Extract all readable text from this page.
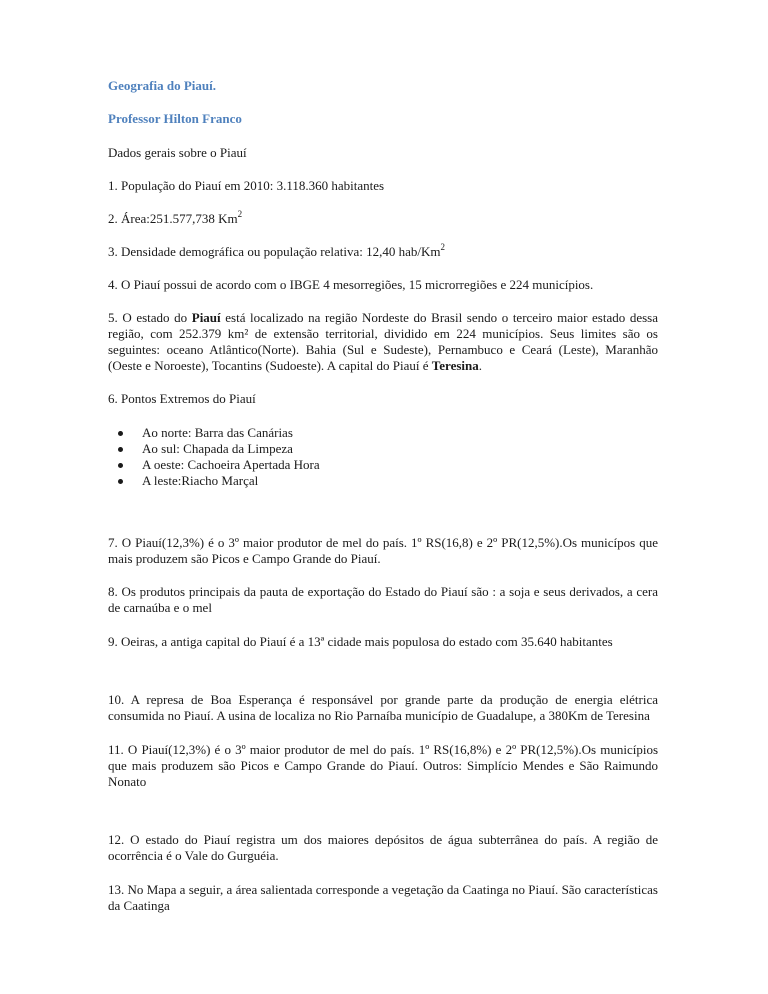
Geografia do Piauí.

Professor Hilton Franco

Dados gerais sobre o Piauí

1. População do Piauí em 2010: 3.118.360 habitantes

2. Área:251.577,738 Km$^2$

3. Densidade demográfica ou população relativa: 12,40 hab/Km$^2$

4. O Piauí possui de acordo com o IBGE 4 mesorregiões, 15 microrregiões e 224 municípios.

5. O estado do Piauí está localizado na região Nordeste do Brasil sendo o terceiro maior estado dessa região, com 252.379 km² de extensão territorial, dividido em 224 municípios. Seus limites são os seguintes: oceano Atlântico(Norte). Bahia (Sul e Sudeste), Pernambuco e Ceará (Leste), Maranhão (Oeste e Noroeste), Tocantins (Sudoeste). A capital do Piauí é Teresina.

6. Pontos Extremos do Piauí

Ao norte: Barra das Canárias
Ao sul: Chapada da Limpeza
A oeste: Cachoeira Apertada Hora
A leste:Riacho Marçal

7. O Piauí(12,3%) é o 3º maior produtor de mel do país. 1º RS(16,8) e 2º PR(12,5%).Os municípos que mais produzem são Picos e Campo Grande do Piauí.

8. Os produtos principais da pauta de exportação do Estado do Piauí são : a soja e seus derivados, a cera de carnaúba e o mel

9. Oeiras, a antiga capital do Piauí é a 13ª cidade mais populosa do estado com 35.640 habitantes

10. A represa de Boa Esperança é responsável por grande parte da produção de energia elétrica consumida no Piauí. A usina de localiza no Rio Parnaíba município de Guadalupe, a 380Km de Teresina

11. O Piauí(12,3%) é o 3º maior produtor de mel do país. 1º RS(16,8%) e 2º PR(12,5%).Os municípios que mais produzem são Picos e Campo Grande do Piauí. Outros: Simplício Mendes e São Raimundo Nonato

12. O estado do Piauí registra um dos maiores depósitos de água subterrânea do país. A região de ocorrência é o Vale do Gurguéia.

13. No Mapa a seguir, a área salientada corresponde a vegetação da Caatinga no Piauí. São características da Caatinga
